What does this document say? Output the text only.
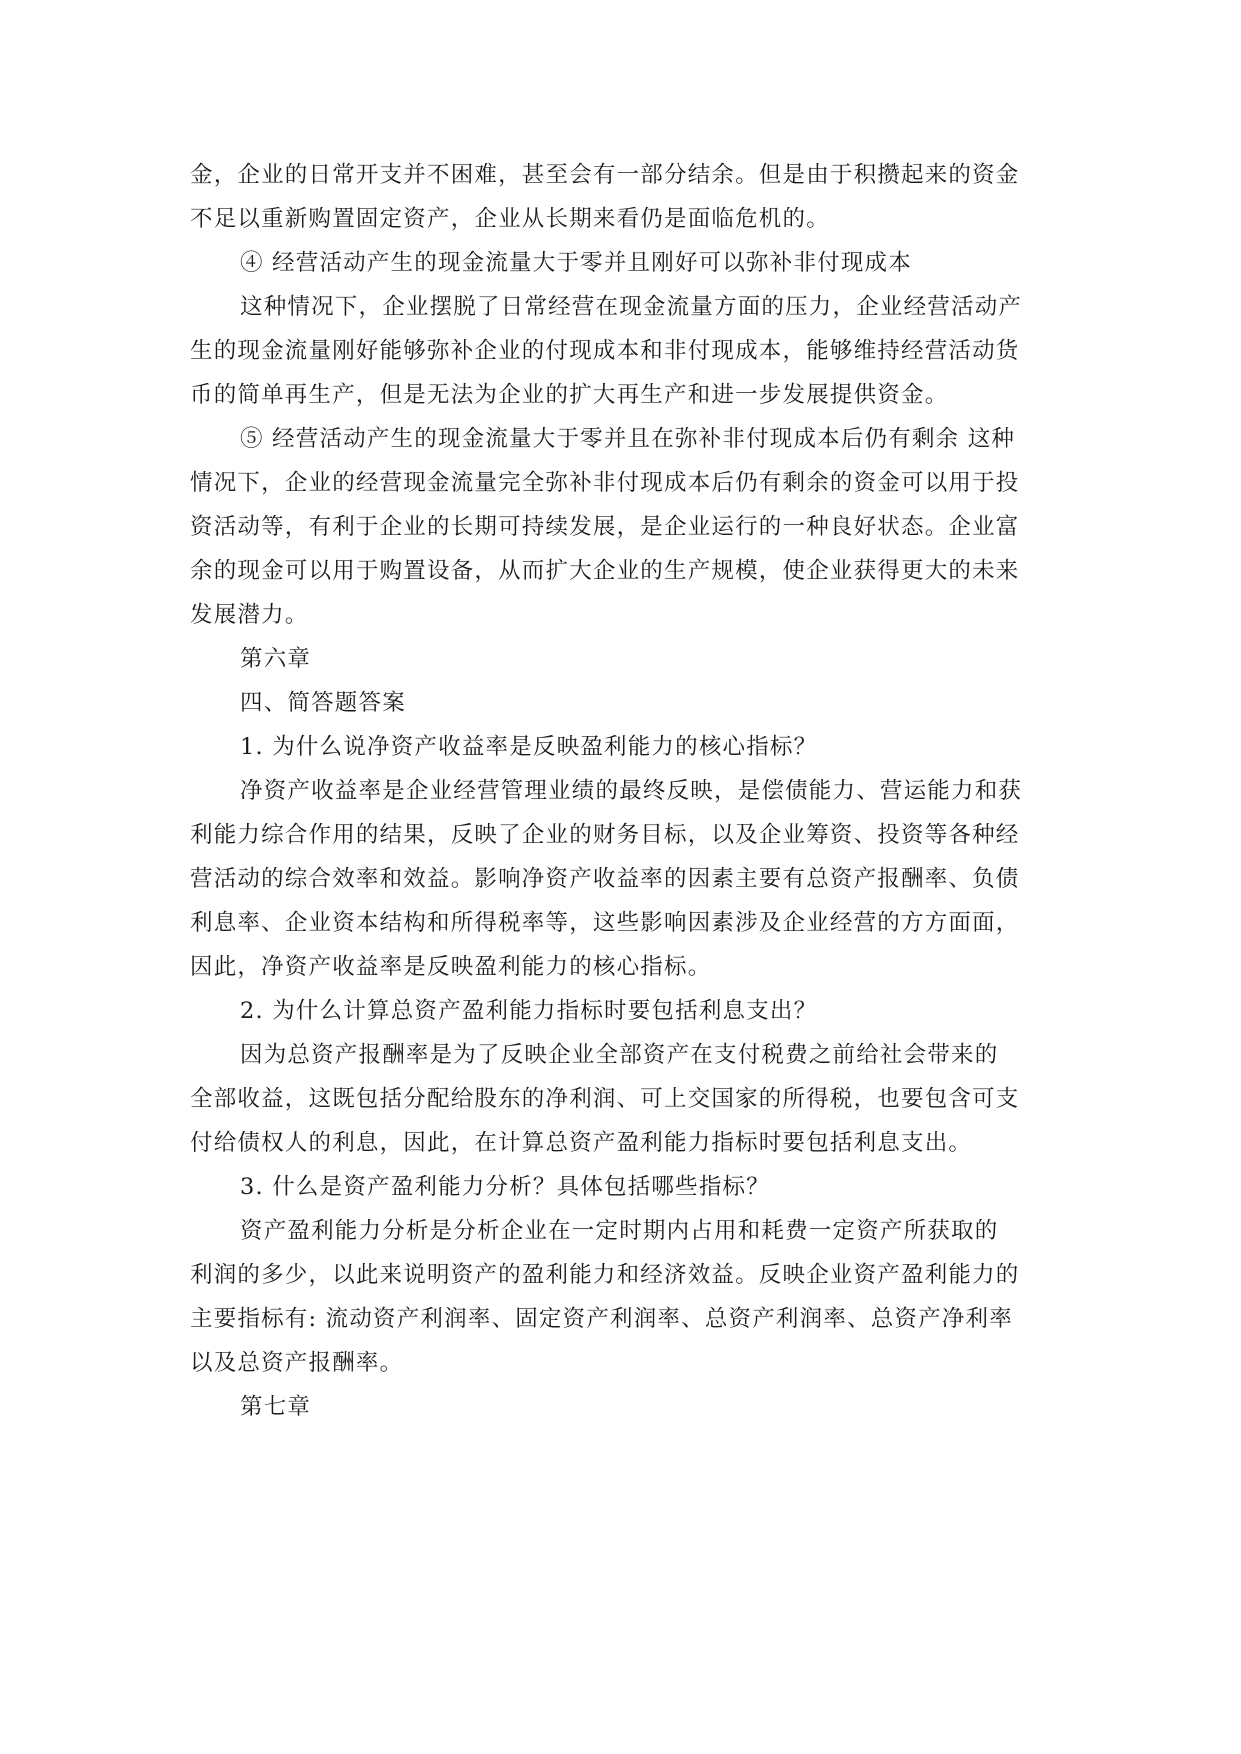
金，企业的日常开支并不困难，甚至会有一部分结余。但是由于积攒起来的资金
不足以重新购置固定资产，企业从长期来看仍是面临危机的。
④ 经营活动产生的现金流量大于零并且刚好可以弥补非付现成本
这种情况下，企业摆脱了日常经营在现金流量方面的压力，企业经营活动产
生的现金流量刚好能够弥补企业的付现成本和非付现成本，能够维持经营活动货
币的简单再生产，但是无法为企业的扩大再生产和进一步发展提供资金。
⑤ 经营活动产生的现金流量大于零并且在弥补非付现成本后仍有剩余 这种
情况下，企业的经营现金流量完全弥补非付现成本后仍有剩余的资金可以用于投
资活动等，有利于企业的长期可持续发展，是企业运行的一种良好状态。企业富
余的现金可以用于购置设备，从而扩大企业的生产规模，使企业获得更大的未来
发展潜力。
第六章
四、简答题答案
1. 为什么说净资产收益率是反映盈利能力的核心指标？
净资产收益率是企业经营管理业绩的最终反映，是偿债能力、营运能力和获
利能力综合作用的结果，反映了企业的财务目标，以及企业筹资、投资等各种经
营活动的综合效率和效益。影响净资产收益率的因素主要有总资产报酬率、负债
利息率、企业资本结构和所得税率等，这些影响因素涉及企业经营的方方面面，
因此，净资产收益率是反映盈利能力的核心指标。
2. 为什么计算总资产盈利能力指标时要包括利息支出？
因为总资产报酬率是为了反映企业全部资产在支付税费之前给社会带来的
全部收益，这既包括分配给股东的净利润、可上交国家的所得税，也要包含可支
付给债权人的利息，因此，在计算总资产盈利能力指标时要包括利息支出。
3. 什么是资产盈利能力分析？具体包括哪些指标？
资产盈利能力分析是分析企业在一定时期内占用和耗费一定资产所获取的
利润的多少，以此来说明资产的盈利能力和经济效益。反映企业资产盈利能力的
主要指标有: 流动资产利润率、固定资产利润率、总资产利润率、总资产净利率
以及总资产报酬率。
第七章
